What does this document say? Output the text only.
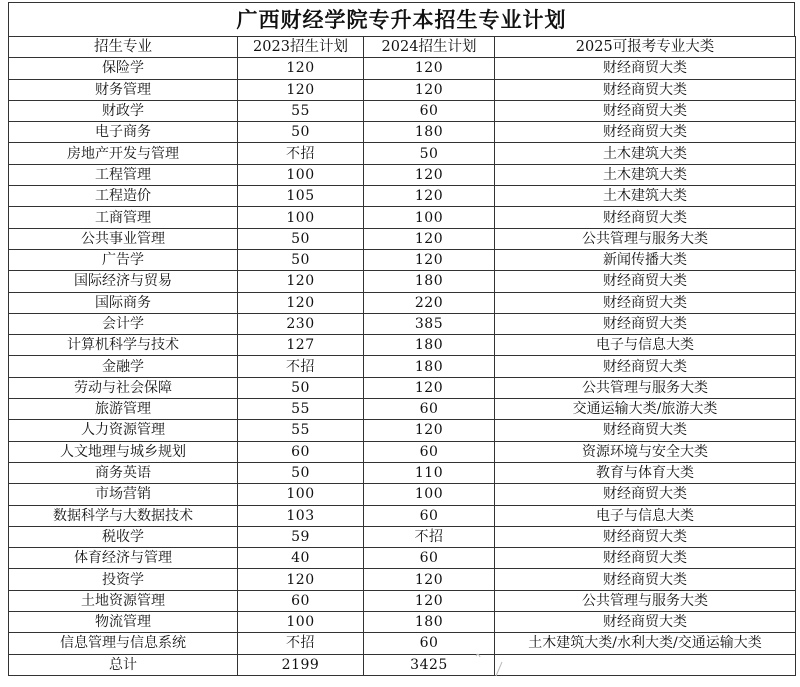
广西财经学院专升本招生专业计划
招生专业	2023招生计划	2024招生计划	2025可报考专业大类
保险学	120	120	财经商贸大类
财务管理	120	120	财经商贸大类
财政学	55	60	财经商贸大类
电子商务	50	180	财经商贸大类
房地产开发与管理	不招	50	土木建筑大类
工程管理	100	120	土木建筑大类
工程造价	105	120	土木建筑大类
工商管理	100	100	财经商贸大类
公共事业管理	50	120	公共管理与服务大类
广告学	50	120	新闻传播大类
国际经济与贸易	120	180	财经商贸大类
国际商务	120	220	财经商贸大类
会计学	230	385	财经商贸大类
计算机科学与技术	127	180	电子与信息大类
金融学	不招	180	财经商贸大类
劳动与社会保障	50	120	公共管理与服务大类
旅游管理	55	60	交通运输大类/旅游大类
人力资源管理	55	120	财经商贸大类
人文地理与城乡规划	60	60	资源环境与安全大类
商务英语	50	110	教育与体育大类
市场营销	100	100	财经商贸大类
数据科学与大数据技术	103	60	电子与信息大类
税收学	59	不招	财经商贸大类
体育经济与管理	40	60	财经商贸大类
投资学	120	120	财经商贸大类
土地资源管理	60	120	公共管理与服务大类
物流管理	100	180	财经商贸大类
信息管理与信息系统	不招	60	土木建筑大类/水利大类/交通运输大类
总计	2199	3425	
